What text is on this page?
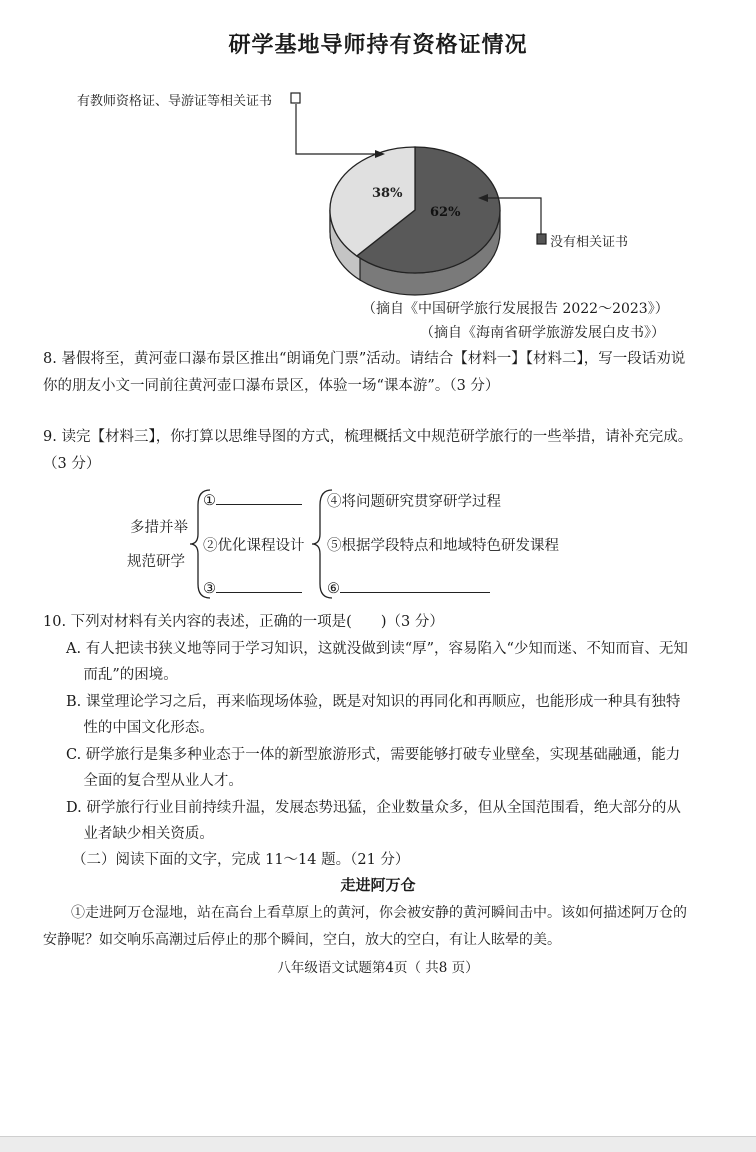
研学基地导师持有资格证情况
38%
62%
有教师资格证、导游证等相关证书
没有相关证书
（摘自《中国研学旅行发展报告 2022～2023》）
（摘自《海南省研学旅游发展白皮书》）
8. 暑假将至，黄河壶口瀑布景区推出“朗诵免门票”活动。请结合【材料一】【材料二】，写一段话劝说你的朋友小文一同前往黄河壶口瀑布景区，体验一场“课本游”。（3 分）
9. 读完【材料三】，你打算以思维导图的方式，梳理概括文中规范研学旅行的一些举措，请补充完成。（3 分）
多措并举
规范研学
①	④将问题研究贯穿研学过程
②优化课程设计 ⑤根据学段特点和地域特色研发课程
③	⑥
10. 下列对材料有关内容的表述，正确的一项是(　　)（3 分）
A. 有人把读书狭义地等同于学习知识，这就没做到读“厚”，容易陷入“少知而迷、不知而盲、无知而乱”的困境。
B. 课堂理论学习之后，再来临现场体验，既是对知识的再同化和再顺应，也能形成一种具有独特性的中国文化形态。
C. 研学旅行是集多种业态于一体的新型旅游形式，需要能够打破专业壁垒，实现基础融通，能力全面的复合型从业人才。
D. 研学旅行行业目前持续升温，发展态势迅猛，企业数量众多，但从全国范围看，绝大部分的从业者缺少相关资质。
（二）阅读下面的文字，完成 11～14 题。（21 分）
走进阿万仓
①走进阿万仓湿地，站在高台上看草原上的黄河，你会被安静的黄河瞬间击中。该如何描述阿万仓的安静呢？如交响乐高潮过后停止的那个瞬间，空白，放大的空白，有让人眩晕的美。
八年级语文试题第4页（ 共8 页）
